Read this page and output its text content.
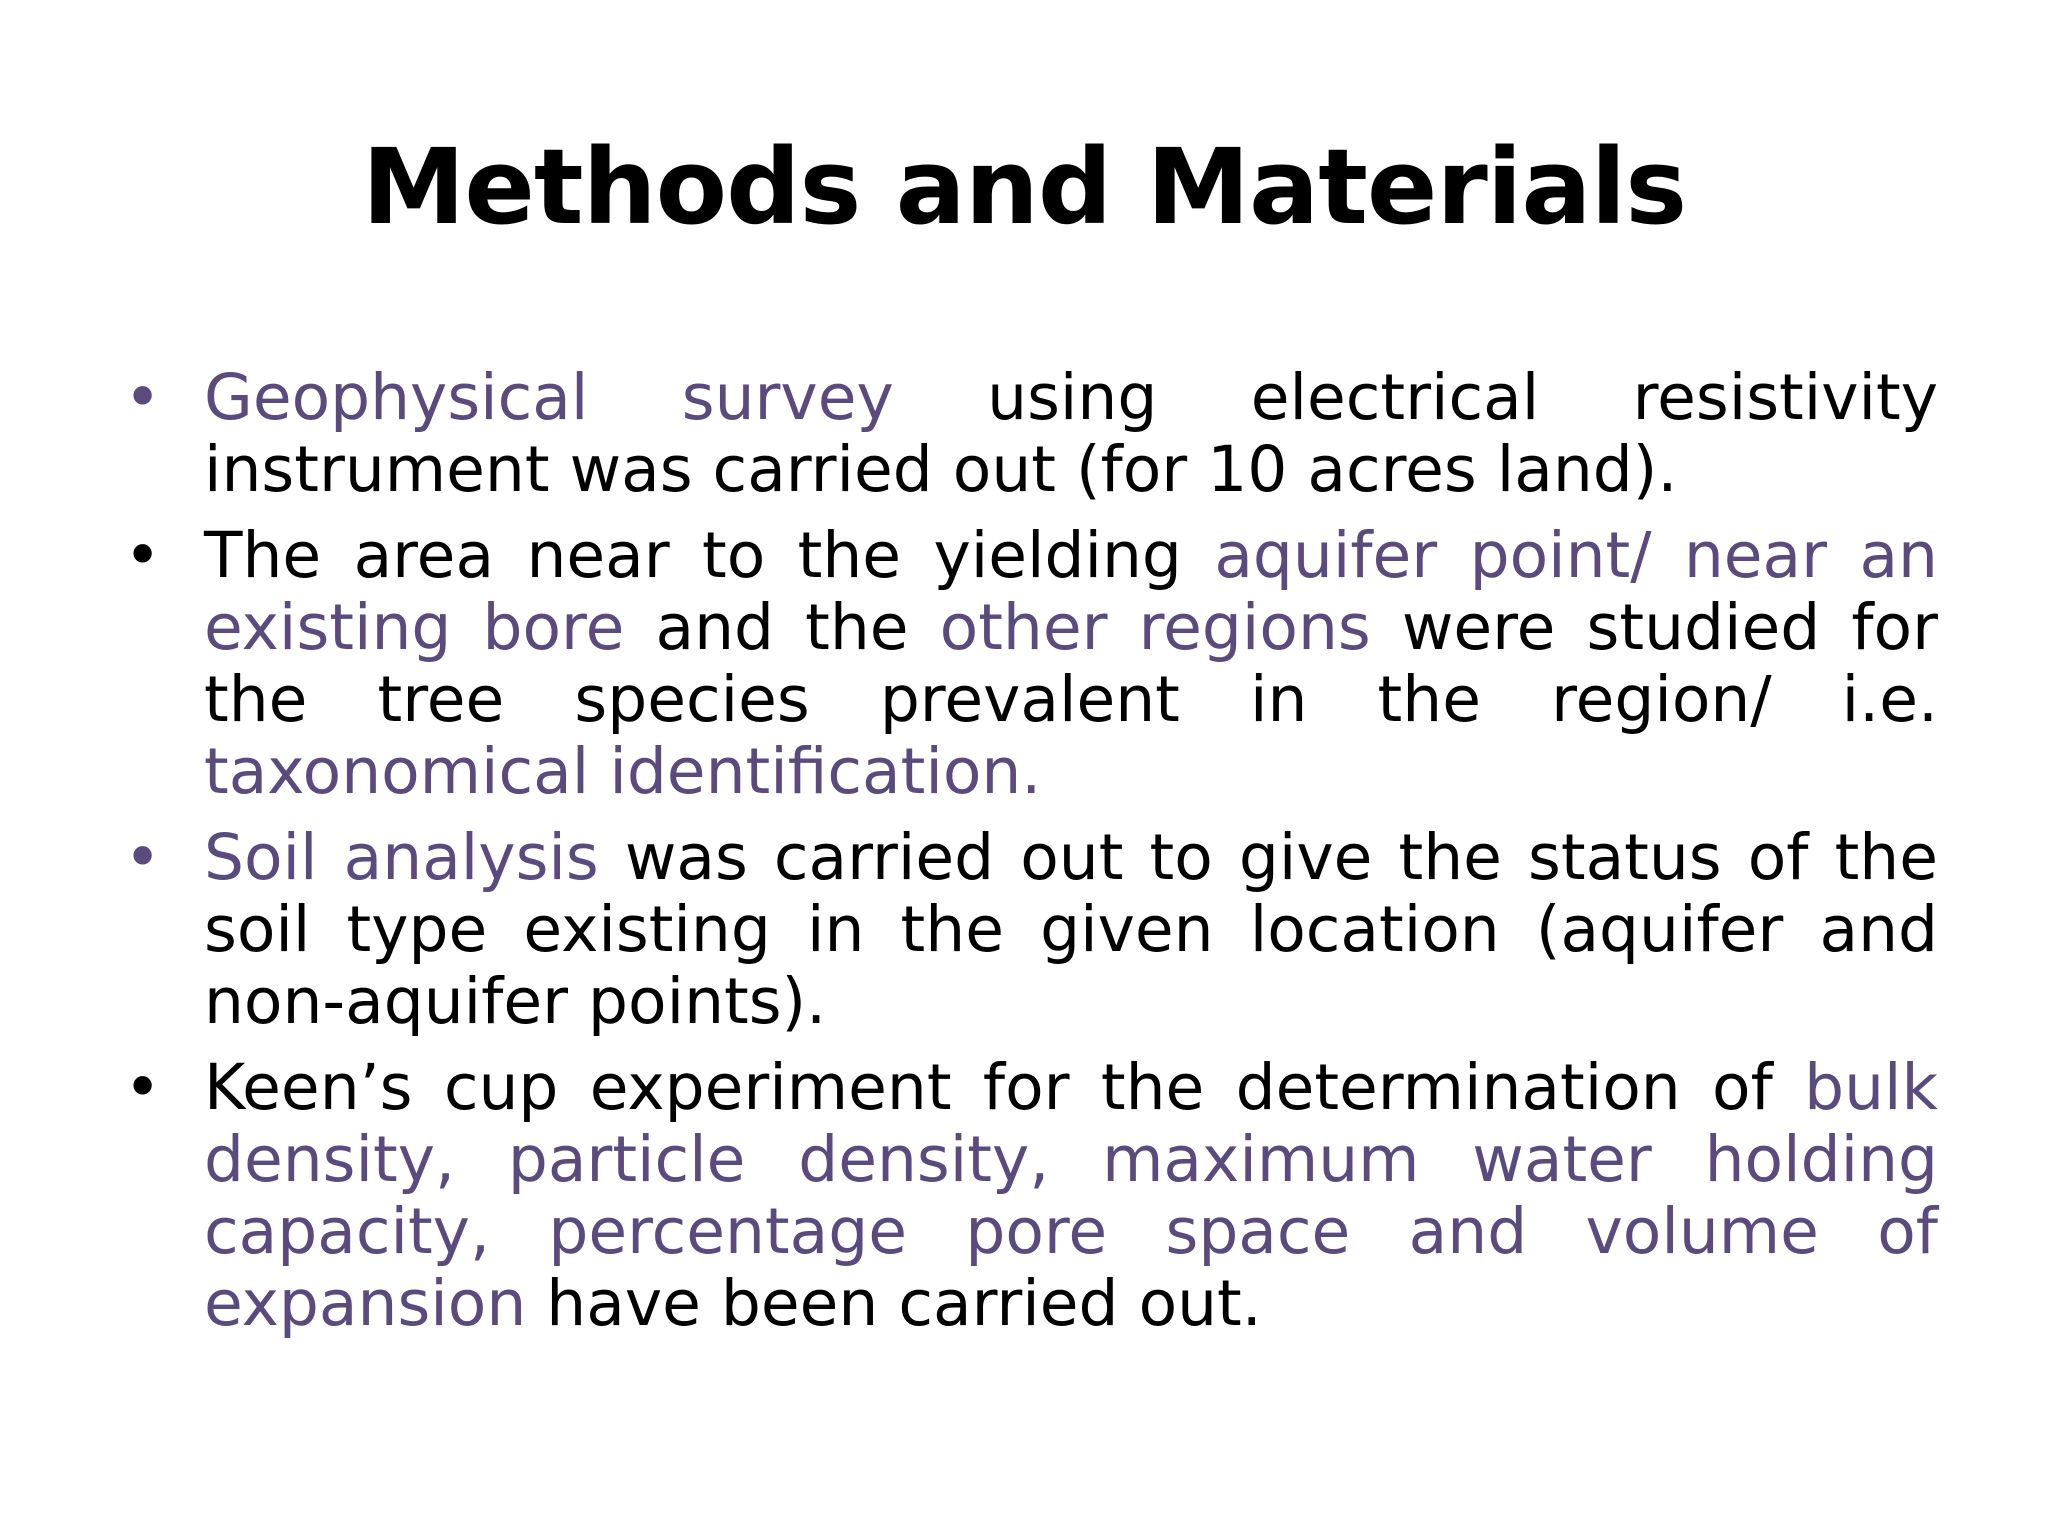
Methods and Materials
• Geophysical survey using electrical resistivity instrument was carried out (for 10 acres land).
• The area near to the yielding aquifer point/ near an existing bore and the other regions were studied for the tree species prevalent in the region/ i.e. taxonomical identification.
• Soil analysis was carried out to give the status of the soil type existing in the given location (aquifer and non-aquifer points).
• Keen’s cup experiment for the determination of bulk density, particle density, maximum water holding capacity, percentage pore space and volume of expansion have been carried out.
